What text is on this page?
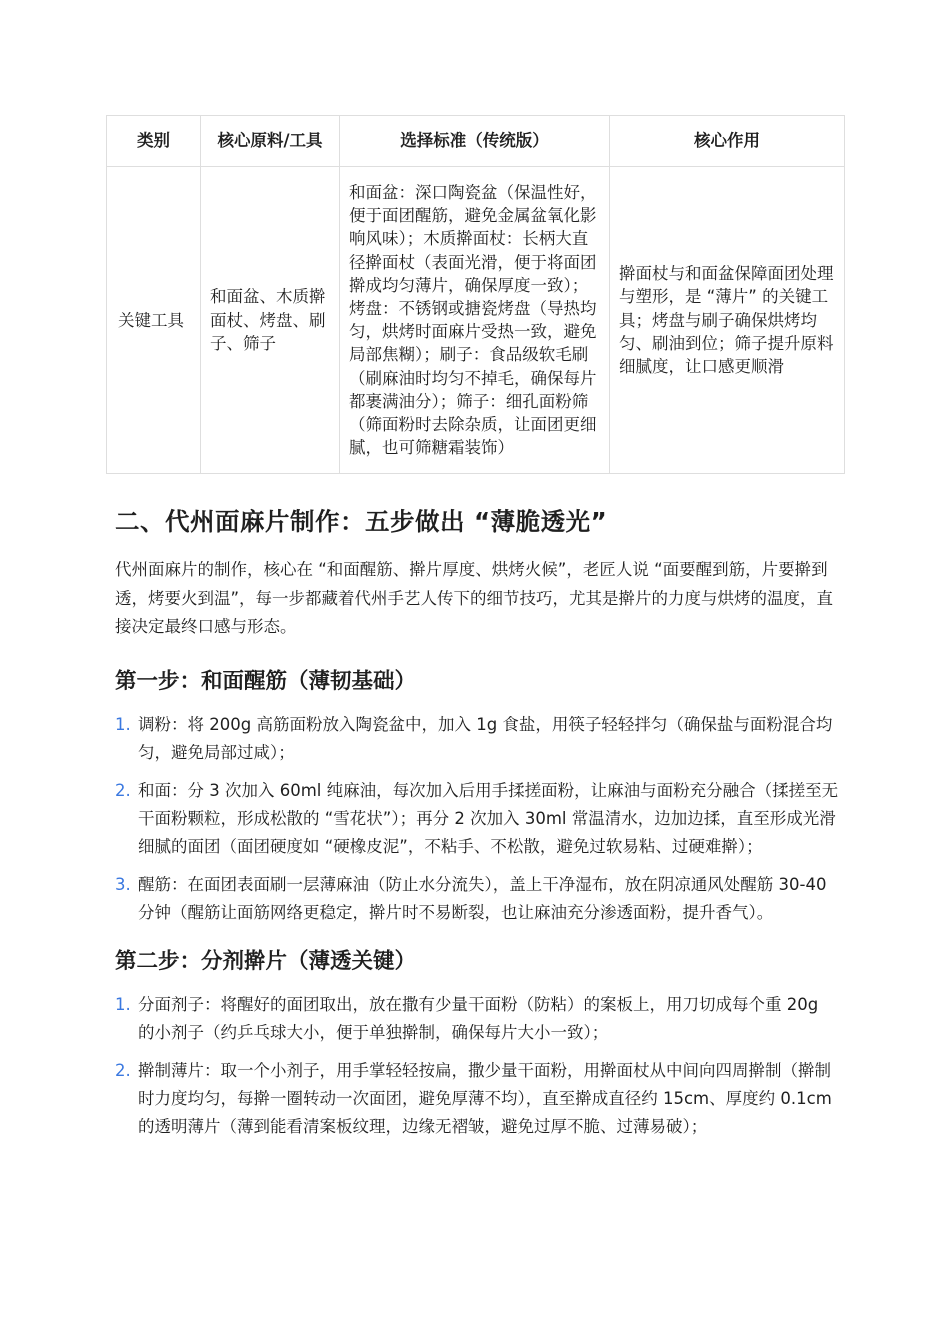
类别	核心原料/工具	选择标准（传统版）	核心作用
关键工具	和面盆、木质擀面杖、烤盘、刷子、筛子	和面盆：深口陶瓷盆（保温性好，便于面团醒筋，避免金属盆氧化影响风味）；木质擀面杖：长柄大直径擀面杖（表面光滑，便于将面团擀成均匀薄片，确保厚度一致）；烤盘：不锈钢或搪瓷烤盘（导热均匀，烘烤时面麻片受热一致，避免局部焦糊）；刷子：食品级软毛刷（刷麻油时均匀不掉毛，确保每片都裹满油分）；筛子：细孔面粉筛（筛面粉时去除杂质，让面团更细腻，也可筛糖霜装饰）	擀面杖与和面盆保障面团处理与塑形，是 “薄片” 的关键工具；烤盘与刷子确保烘烤均匀、刷油到位；筛子提升原料细腻度，让口感更顺滑
二、代州面麻片制作：五步做出 “薄脆透光”

代州面麻片的制作，核心在 “和面醒筋、擀片厚度、烘烤火候”，老匠人说 “面要醒到筋，片要擀到透，烤要火到温”，每一步都藏着代州手艺人传下的细节技巧，尤其是擀片的力度与烘烤的温度，直接决定最终口感与形态。

第一步：和面醒筋（薄韧基础）
1. 调粉：将 200g 高筋面粉放入陶瓷盆中，加入 1g 食盐，用筷子轻轻拌匀（确保盐与面粉混合均匀，避免局部过咸）；
2. 和面：分 3 次加入 60ml 纯麻油，每次加入后用手揉搓面粉，让麻油与面粉充分融合（揉搓至无干面粉颗粒，形成松散的 “雪花状”）；再分 2 次加入 30ml 常温清水，边加边揉，直至形成光滑细腻的面团（面团硬度如 “硬橡皮泥”，不粘手、不松散，避免过软易粘、过硬难擀）；
3. 醒筋：在面团表面刷一层薄麻油（防止水分流失），盖上干净湿布，放在阴凉通风处醒筋 30-40 分钟（醒筋让面筋网络更稳定，擀片时不易断裂，也让麻油充分渗透面粉，提升香气）。
第二步：分剂擀片（薄透关键）
1. 分面剂子：将醒好的面团取出，放在撒有少量干面粉（防粘）的案板上，用刀切成每个重 20g 的小剂子（约乒乓球大小，便于单独擀制，确保每片大小一致）；
2. 擀制薄片：取一个小剂子，用手掌轻轻按扁，撒少量干面粉，用擀面杖从中间向四周擀制（擀制时力度均匀，每擀一圈转动一次面团，避免厚薄不均），直至擀成直径约 15cm、厚度约 0.1cm 的透明薄片（薄到能看清案板纹理，边缘无褶皱，避免过厚不脆、过薄易破）；
